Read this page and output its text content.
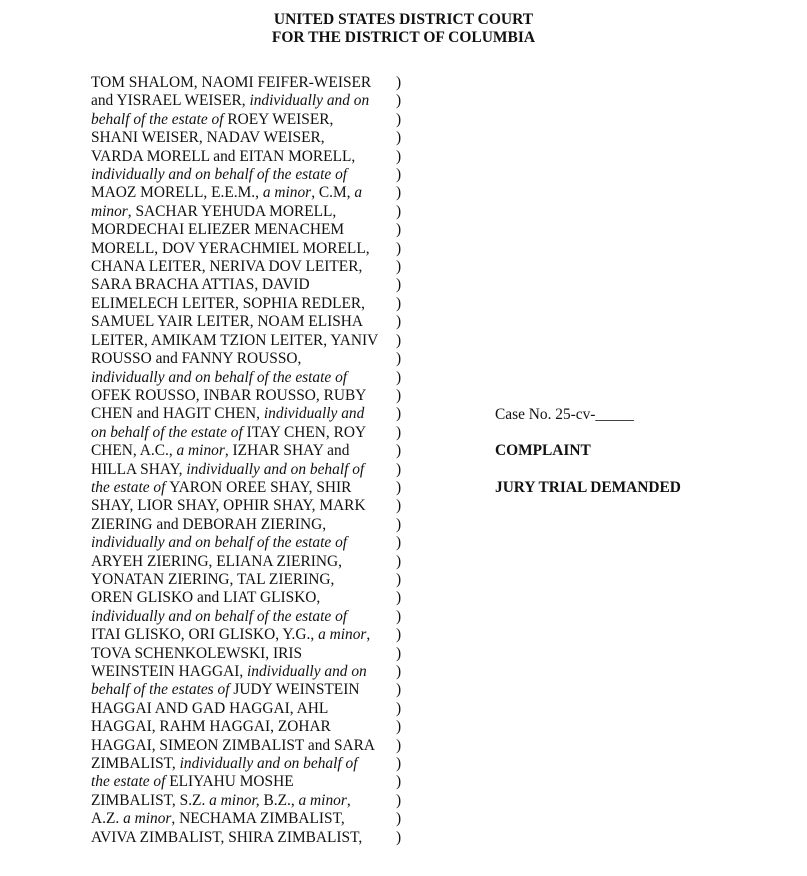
UNITED STATES DISTRICT COURT
FOR THE DISTRICT OF COLUMBIA
TOM SHALOM, NAOMI FEIFER-WEISER )
and YISRAEL WEISER, individually and on )
behalf of the estate of ROEY WEISER,	)
SHANI WEISER, NADAV WEISER,	)
VARDA MORELL and EITAN MORELL,	)
individually and on behalf of the estate of	)
MAOZ MORELL, E.E.M., a minor, C.M, a )
minor, SACHAR YEHUDA MORELL,	)
MORDECHAI ELIEZER MENACHEM	)
MORELL, DOV YERACHMIEL MORELL, )
CHANA LEITER, NERIVA DOV LEITER, )
SARA BRACHA ATTIAS, DAVID	)
ELIMELECH LEITER, SOPHIA REDLER, )
SAMUEL YAIR LEITER, NOAM ELISHA )
LEITER, AMIKAM TZION LEITER, YANIV )
ROUSSO and FANNY ROUSSO,	)
individually and on behalf of the estate of	)
OFEK ROUSSO, INBAR ROUSSO, RUBY )
CHEN and HAGIT CHEN, individually and )
on behalf of the estate of ITAY CHEN, ROY )
CHEN, A.C., a minor, IZHAR SHAY and	)
HILLA SHAY, individually and on behalf of )
the estate of YARON OREE SHAY, SHIR	)
SHAY, LIOR SHAY, OPHIR SHAY, MARK )
ZIERING and DEBORAH ZIERING,	)
individually and on behalf of the estate of	)
ARYEH ZIERING, ELIANA ZIERING,	)
YONATAN ZIERING, TAL ZIERING,	)
OREN GLISKO and LIAT GLISKO,	)
individually and on behalf of the estate of	)
ITAI GLISKO, ORI GLISKO, Y.G., a minor, )
TOVA SCHENKOLEWSKI, IRIS	)
WEINSTEIN HAGGAI, individually and on )
behalf of the estates of JUDY WEINSTEIN )
HAGGAI AND GAD HAGGAI, AHL	)
HAGGAI, RAHM HAGGAI, ZOHAR	)
HAGGAI, SIMEON ZIMBALIST and SARA )
ZIMBALIST, individually and on behalf of	)
the estate of ELIYAHU MOSHE	)
ZIMBALIST, S.Z. a minor, B.Z., a minor,	)
A.Z. a minor, NECHAMA ZIMBALIST,	)
AVIVA ZIMBALIST, SHIRA ZIMBALIST, )
Case No. 25-cv-_____
COMPLAINT
JURY TRIAL DEMANDED
